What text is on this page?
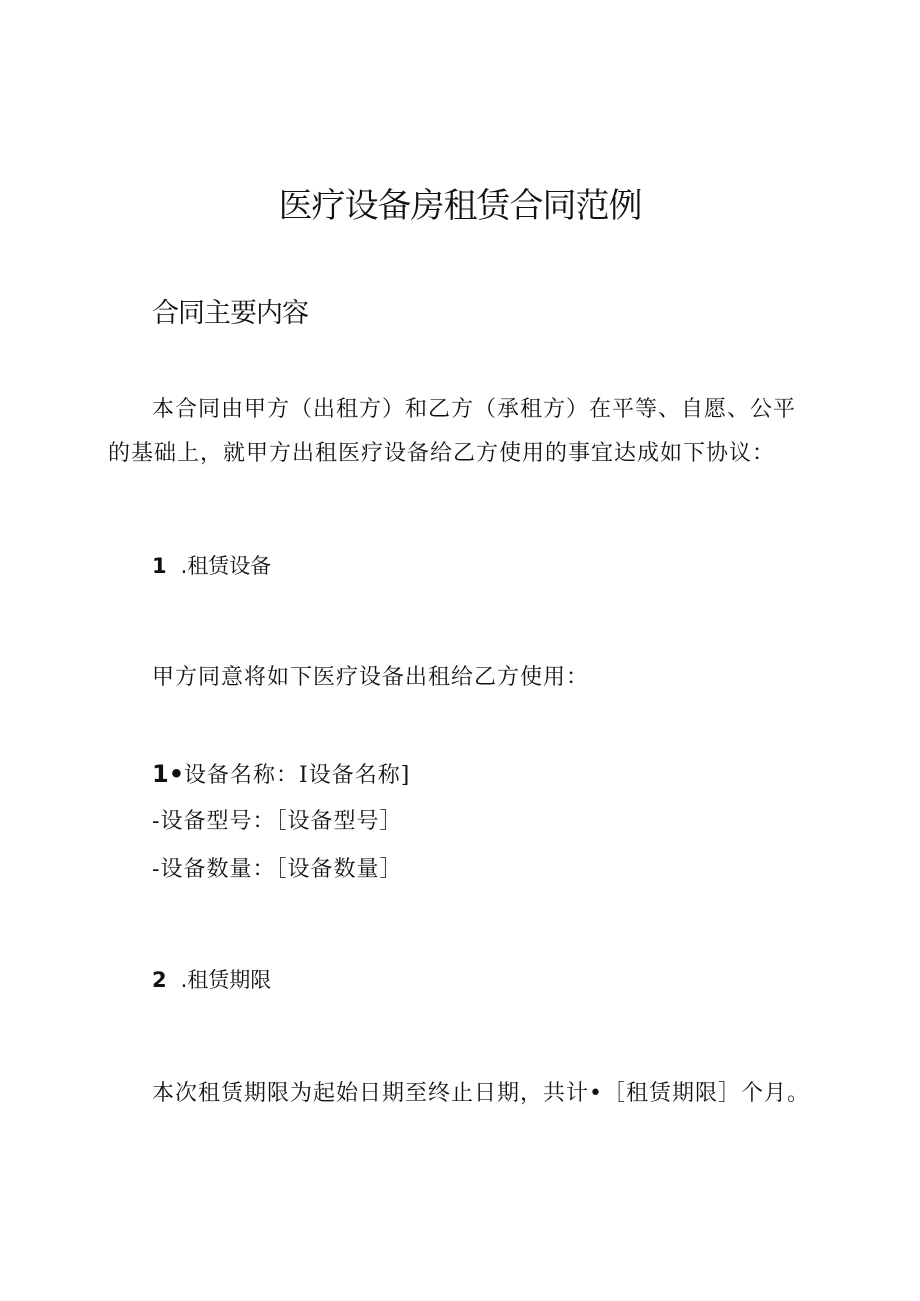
医疗设备房租赁合同范例
合同主要内容
本合同由甲方（出租方）和乙方（承租方）在平等、自愿、公平
的基础上，就甲方出租医疗设备给乙方使用的事宜达成如下协议：
1 .租赁设备
甲方同意将如下医疗设备出租给乙方使用：
1•设备名称：I设备名称]
-设备型号：［设备型号］
-设备数量：［设备数量］
2 .租赁期限
本次租赁期限为起始日期至终止日期，共计•［租赁期限］个月。
